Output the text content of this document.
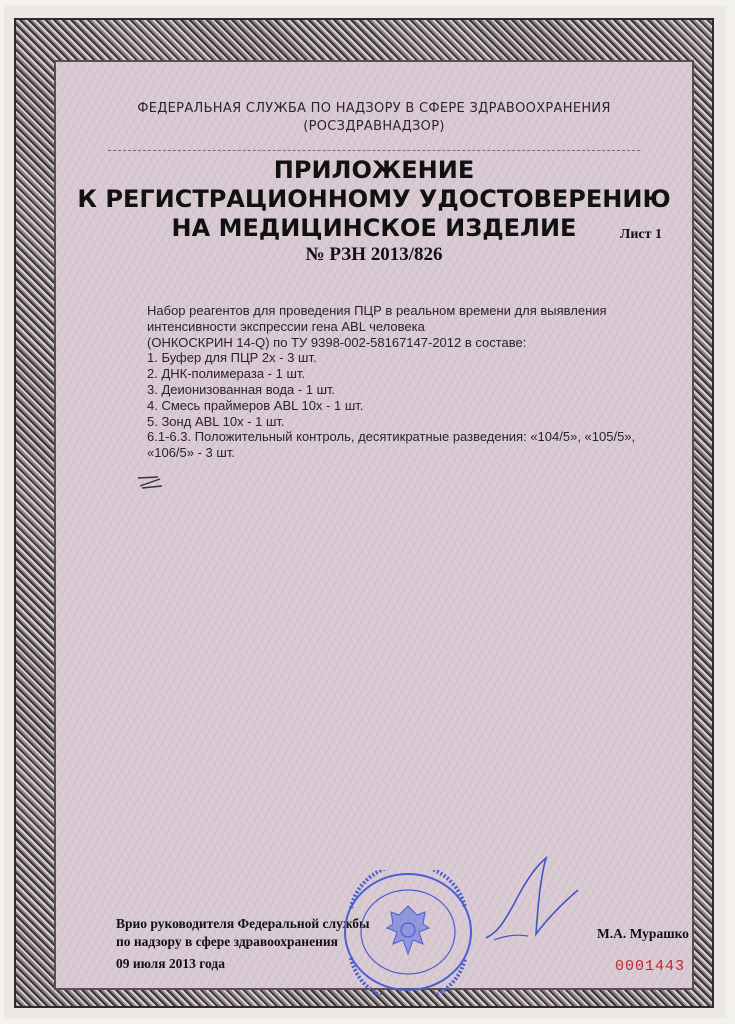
ФЕДЕРАЛЬНАЯ СЛУЖБА ПО НАДЗОРУ В СФЕРЕ ЗДРАВООХРАНЕНИЯ
(РОСЗДРАВНАДЗОР)
ПРИЛОЖЕНИЕ
К РЕГИСТРАЦИОННОМУ УДОСТОВЕРЕНИЮ
НА МЕДИЦИНСКОЕ ИЗДЕЛИЕ	Лист 1
№ РЗН 2013/826
Набор реагентов для проведения ПЦР в реальном времени для выявления
интенсивности экспрессии гена ABL человека
(ОНКОСКРИН 14-Q) по ТУ 9398-002-58167147-2012 в составе:
1. Буфер для ПЦР 2х - 3 шт.
2. ДНК-полимераза - 1 шт.
3. Деионизованная вода - 1 шт.
4. Смесь праймеров ABL 10х - 1 шт.
5. Зонд ABL 10х - 1 шт.
6.1-6.3. Положительный контроль, десятикратные разведения: «104/5», «105/5»,
«106/5» - 3 шт.
Врио руководителя Федеральной службы
по надзору в сфере здравоохранения
09 июля 2013 года
М.А. Мурашко
0001443
